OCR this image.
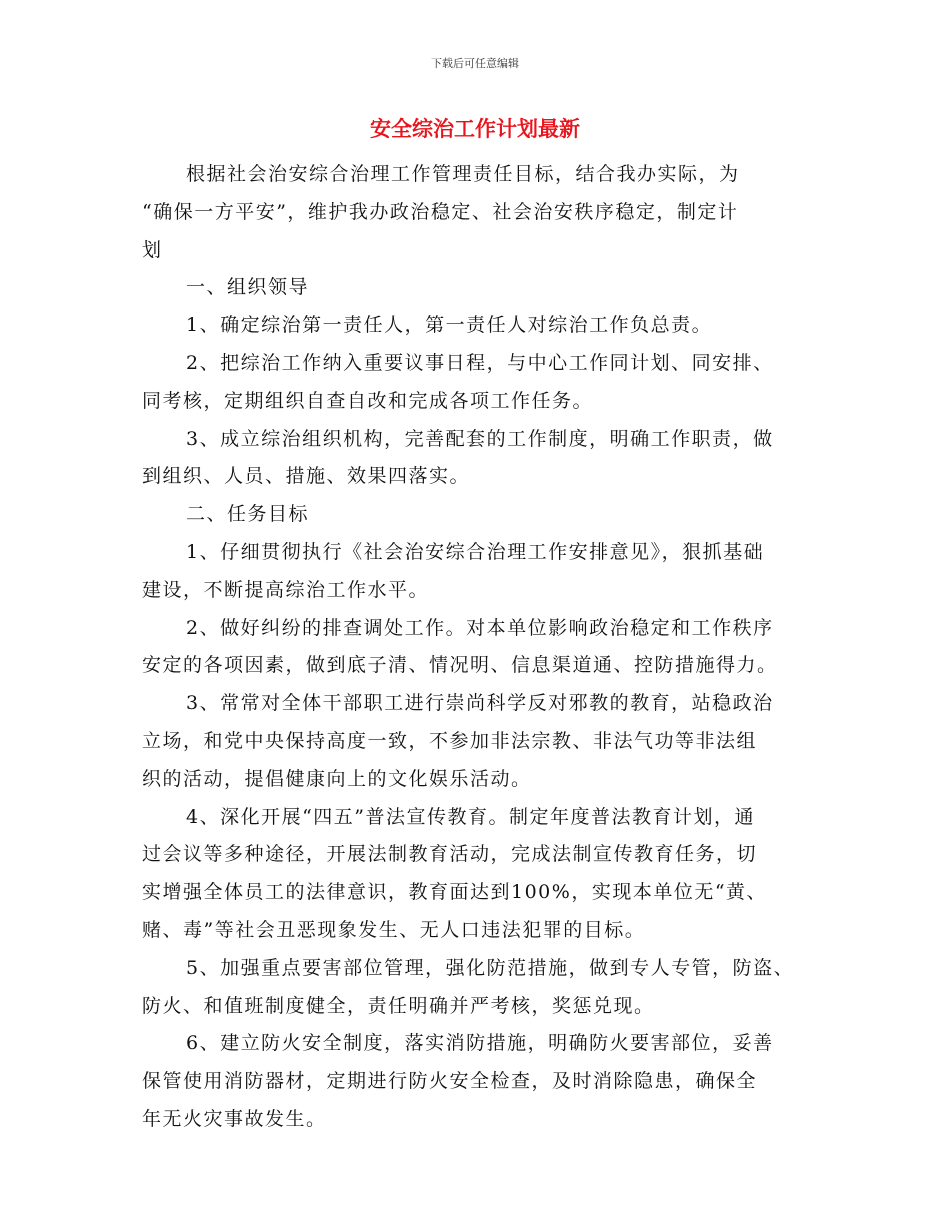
下载后可任意编辑
安全综治工作计划最新
根据社会治安综合治理工作管理责任目标，结合我办实际，为
“确保一方平安”，维护我办政治稳定、社会治安秩序稳定，制定计
划
一、组织领导
1、确定综治第一责任人，第一责任人对综治工作负总责。
2、把综治工作纳入重要议事日程，与中心工作同计划、同安排、
同考核，定期组织自查自改和完成各项工作任务。
3、成立综治组织机构，完善配套的工作制度，明确工作职责，做
到组织、人员、措施、效果四落实。
二、任务目标
1、仔细贯彻执行《社会治安综合治理工作安排意见》，狠抓基础
建设，不断提高综治工作水平。
2、做好纠纷的排查调处工作。对本单位影响政治稳定和工作秩序
安定的各项因素，做到底子清、情况明、信息渠道通、控防措施得力。
3、常常对全体干部职工进行崇尚科学反对邪教的教育，站稳政治
立场，和党中央保持高度一致，不参加非法宗教、非法气功等非法组
织的活动，提倡健康向上的文化娱乐活动。
4、深化开展“四五”普法宣传教育。制定年度普法教育计划，通
过会议等多种途径，开展法制教育活动，完成法制宣传教育任务，切
实增强全体员工的法律意识，教育面达到100%，实现本单位无“黄、
赌、毒”等社会丑恶现象发生、无人口违法犯罪的目标。
5、加强重点要害部位管理，强化防范措施，做到专人专管，防盗、
防火、和值班制度健全，责任明确并严考核，奖惩兑现。
6、建立防火安全制度，落实消防措施，明确防火要害部位，妥善
保管使用消防器材，定期进行防火安全检查，及时消除隐患，确保全
年无火灾事故发生。
